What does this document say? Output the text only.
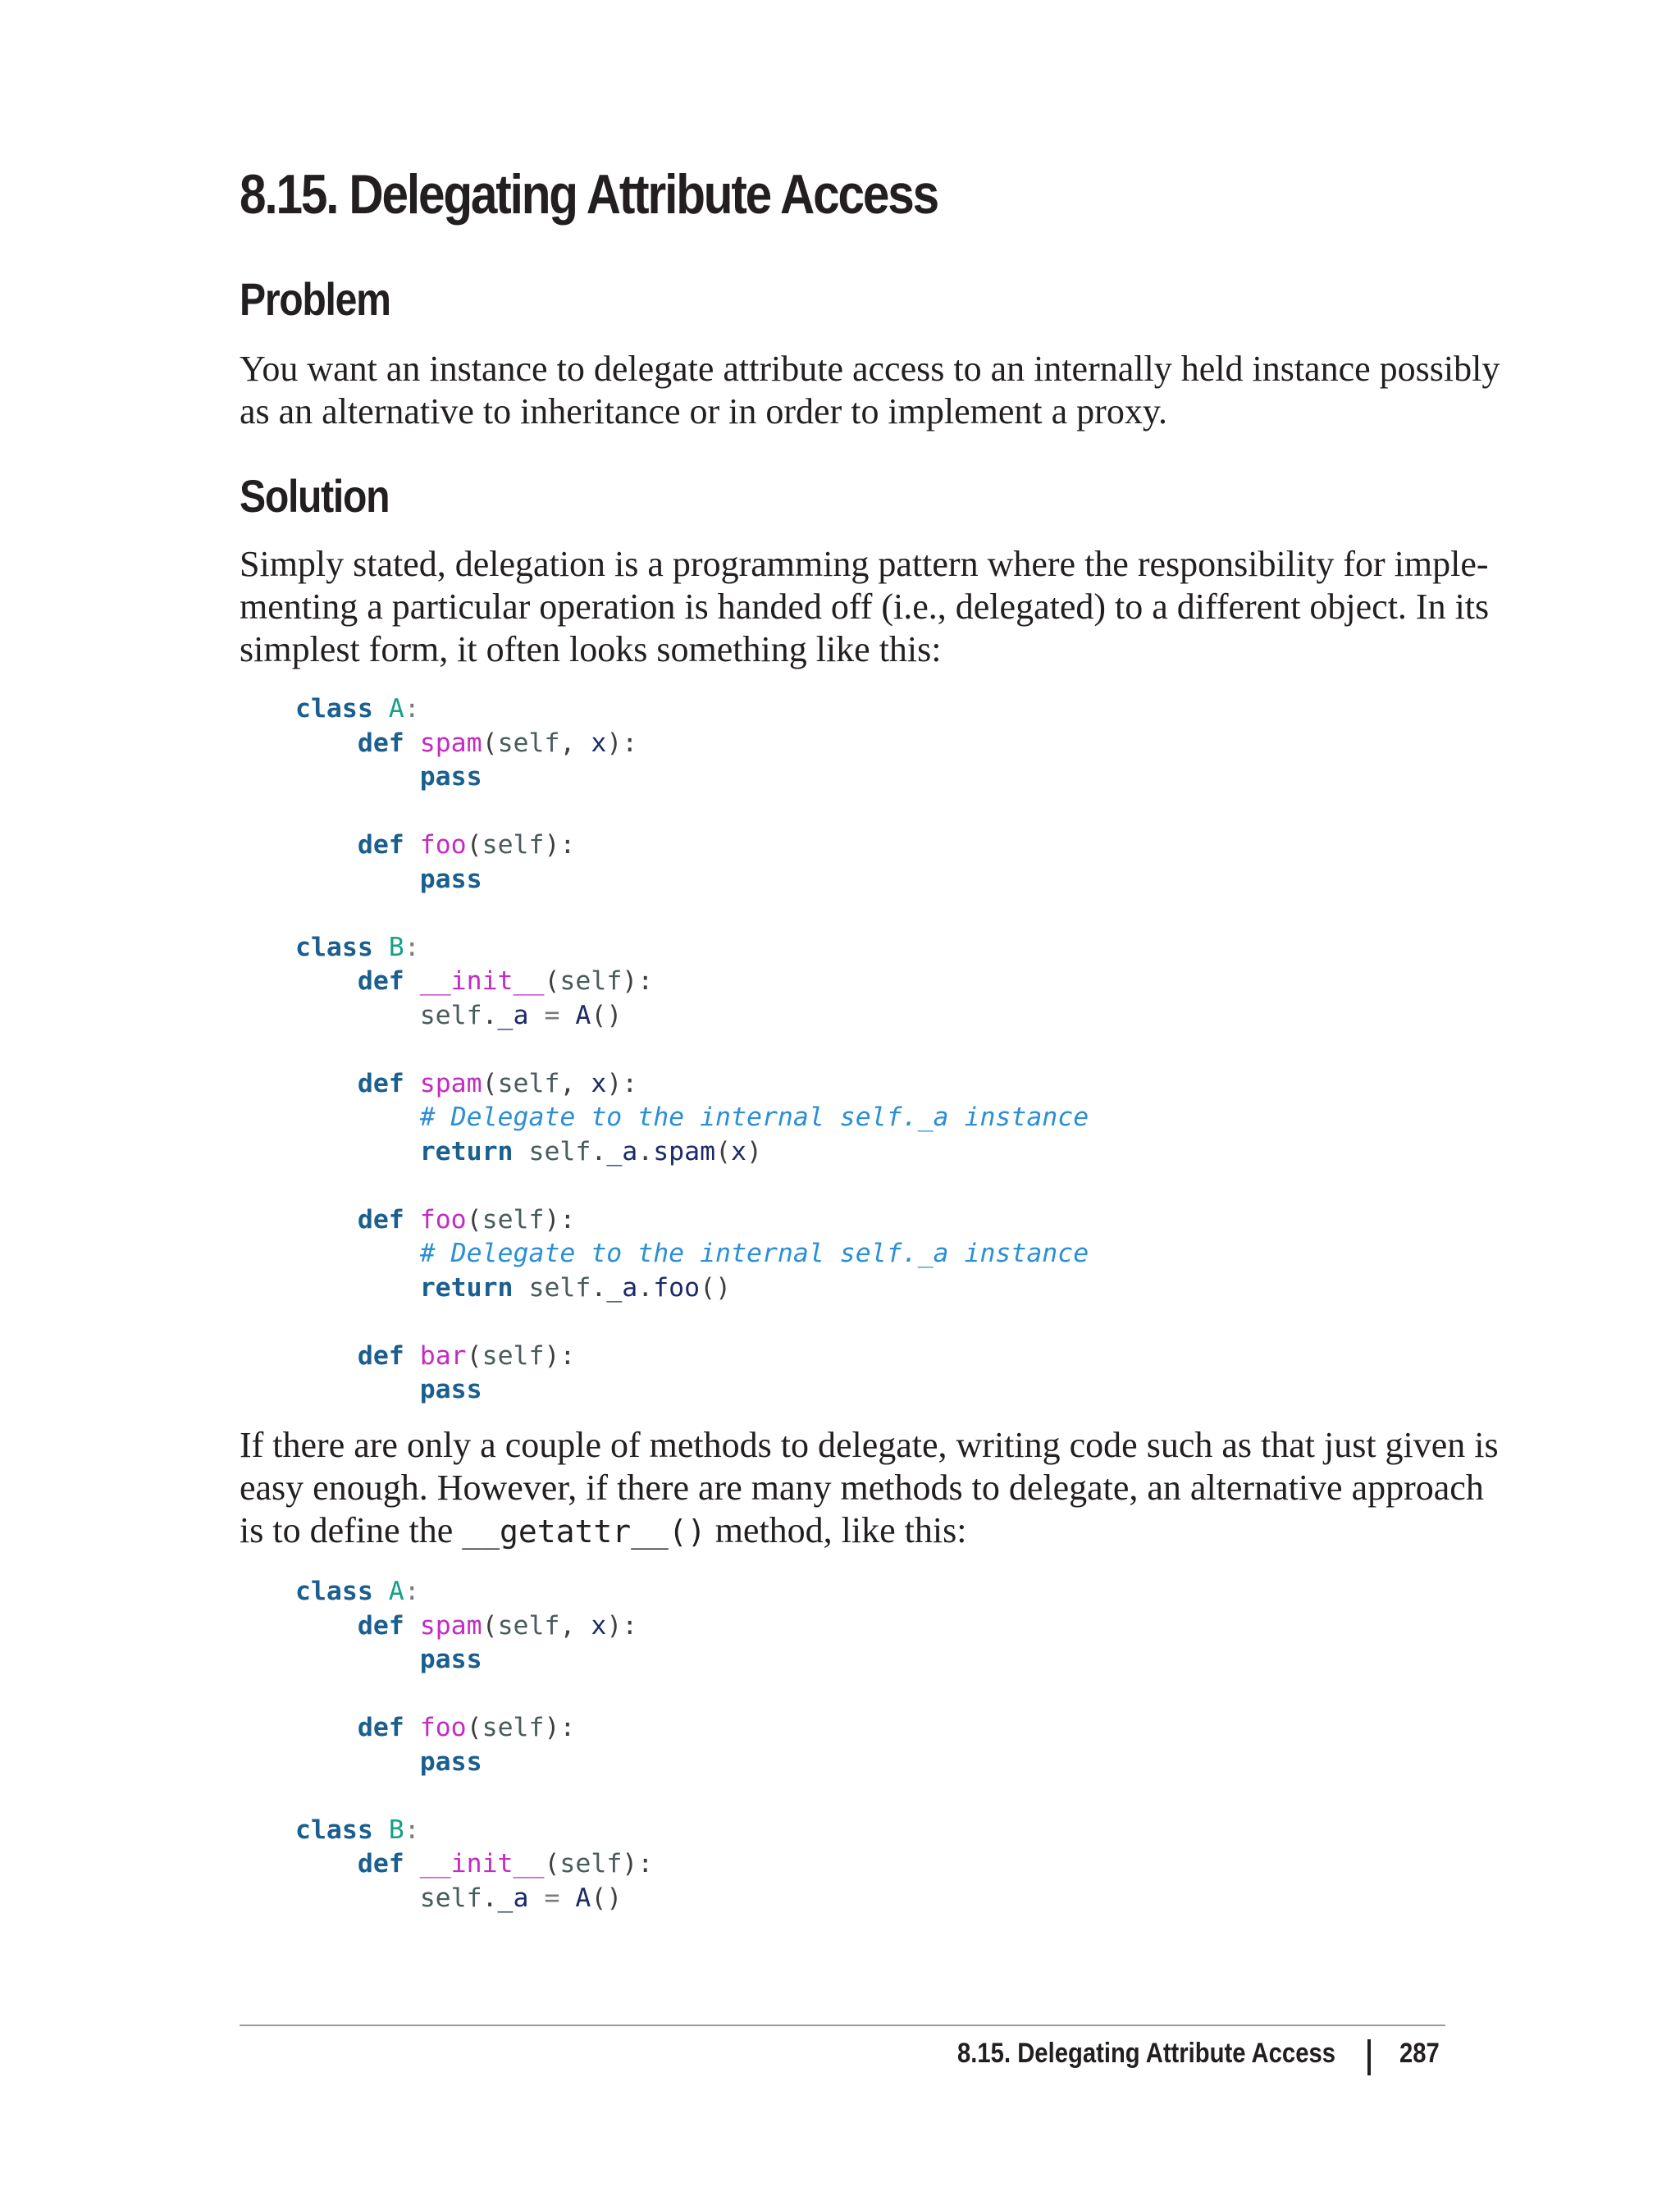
8.15. Delegating Attribute Access
Problem
You want an instance to delegate attribute access to an internally held instance possibly
as an alternative to inheritance or in order to implement a proxy.
Solution
Simply stated, delegation is a programming pattern where the responsibility for imple-
menting a particular operation is handed off (i.e., delegated) to a different object. In its
simplest form, it often looks something like this:
class A:
def spam(self, x):
pass
def foo(self):
pass
class B:
def __init__(self):
self._a = A()
def spam(self, x):
# Delegate to the internal self._a instance
return self._a.spam(x)
def foo(self):
# Delegate to the internal self._a instance
return self._a.foo()
def bar(self):
pass
If there are only a couple of methods to delegate, writing code such as that just given is
easy enough. However, if there are many methods to delegate, an alternative approach
is to define the __getattr__() method, like this:
class A:
def spam(self, x):
pass
def foo(self):
pass
class B:
def __init__(self):
self._a = A()
8.15. Delegating Attribute Access 287
